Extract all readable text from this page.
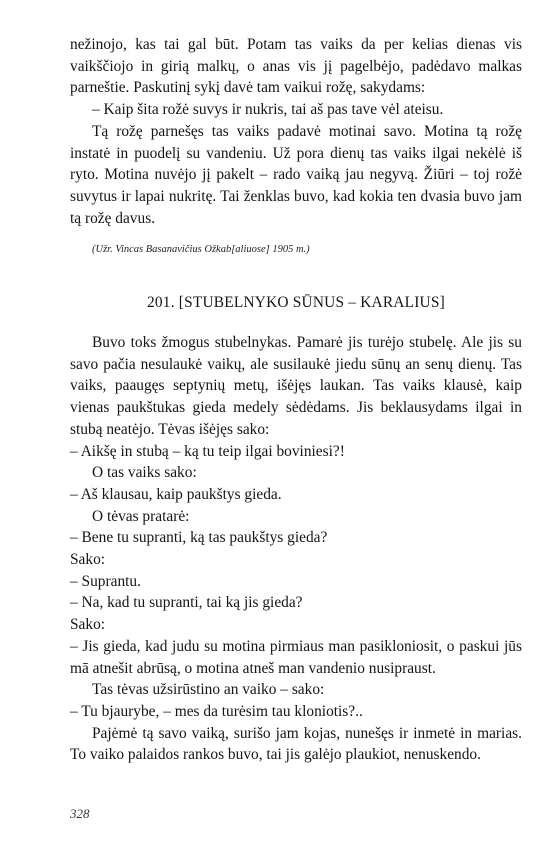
nežinojo, kas tai gal būt. Potam tas vaiks da per kelias dienas vis vaikščiojo in girią malkų, o anas vis jį pagelbėjo, padėdavo malkas parneštie. Paskutinį sykį davė tam vaikui rožę, sakydams:

– Kaip šita rožė suvys ir nukris, tai aš pas tave vėl ateisu.

Tą rožę parnešęs tas vaiks padavė motinai savo. Motina tą rožę instatė in puodelį su vandeniu. Už pora dienų tas vaiks ilgai nekėlė iš ryto. Motina nuvėjo jį pakelt – rado vaiką jau negyvą. Žiūri – toj rožė suvytus ir lapai nukritę. Tai ženklas buvo, kad kokia ten dvasia buvo jam tą rožę davus.

(Užr. Vincas Basanavičius Ožkab[aliuose] 1905 m.)
201. [STUBELNYKO SŪNUS – KARALIUS]

Buvo toks žmogus stubelnykas. Pamarė jis turėjo stubelę. Ale jis su savo pačia nesulaukė vaikų, ale susilaukė jiedu sūnų an senų dienų. Tas vaiks, paaugęs septynių metų, išėjęs laukan. Tas vaiks klausė, kaip vienas paukštukas gieda medely sėdėdams. Jis beklausydams ilgai in stubą neatėjo. Tėvas išėjęs sako:

– Aikšę in stubą – ką tu teip ilgai boviniesi?!

O tas vaiks sako:

– Aš klausau, kaip paukštys gieda.

O tėvas pratarė:

– Bene tu supranti, ką tas paukštys gieda?

Sako:

– Suprantu.

– Na, kad tu supranti, tai ką jis gieda?

Sako:

– Jis gieda, kad judu su motina pirmiaus man pasikloniosit, o paskui jūs mā atnešit abrūsą, o motina atneš man vandenio nusipraust.

Tas tėvas užsirūstino an vaiko – sako:

– Tu bjaurybe, – mes da turėsim tau kloniotis?..

Pajėmė tą savo vaiką, surišo jam kojas, nunešęs ir inmetė in marias. To vaiko palaidos rankos buvo, tai jis galėjo plaukiot, nenuskendo.

328
